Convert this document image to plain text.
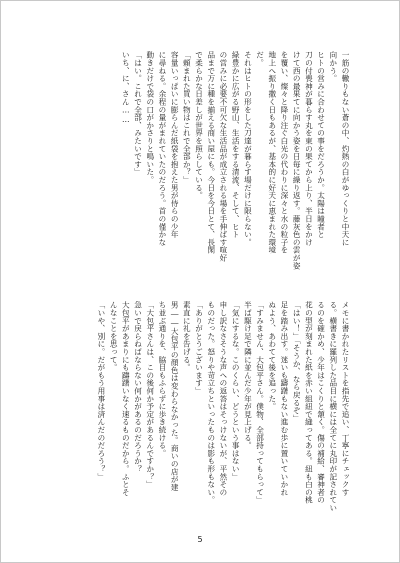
一筋の轍りもない蒼の中、灼熱の白がゆっくりと中天に
向かう。
ヒトの営みに合わせての事をだろうか。太陽は瞳者と
刀の付喪神が暮らす丸を東の果てから上り、半日をかけ
けて西の最果てに向かう姿を日毎に繰り返す。藤灰色の雲が姿
を覆い、燦々と降り注ぐ白光の代わりに深々と水の粒子を
地上へ振り撒く日もあるが、基本的に好天に恵まれた環境
だ。
それはヒトの形をした刀達が暮らす場だけに限らない。
緑豊かに広がる野山、生活をする清流、そして、ヒト
の営みに必要不可欠な生活品が成立される場を手伸ばす喧好
品まで万に種を揃える商い屋にも。今日を今日とて、長閑
で柔らかな日差しが世界を照らしている。
「頼まれた買い物はこれで全部か？」
容量いっぱいに膨らんだ紙袋を抱えた男が侍らの少年
に尋ねる。余程の量がまれていたのだろう。首の僅かな
動きだけで袋の口がかさりと鳴いた。
「はい。これで全部、みたいです」
いち、に、さん……
メモに書かれたリストを指先で追い、丁寧にチェックす
る。横書きに羅列した品目に横には全てに丸印が記されてい
るのを確かめ、少年はこくりと頷く。傷の補給、審神者の
花の型が刻まれた紙を赤い組紐で縫ってある。紐も白の桃
「はい！」「そうか、なら戻るぞ」
足を踏み出す。迷いも躊躇もない進む歩に置いていかれ
ぬよう、あわてて後を追った。
「すみません、大包平さん。僕物、全部持ってもらって」
半ば駆け足で隣に並んだ少年が見上げる。
「気にするな。このくらい、どうという事はない」
申し訳なさそうな声への返答はそっけないが、平然その
ものだった。怒りや苛立ちといったものは影も形もない。
「ありがとうございます」
素直に礼を告げる。
男――大包平の顔色は変わらなかった。商いの店が建
ち並ぶ通りを、脇目もふらずに歩き続ける。
「大包平さんは、この後何か予定があるんですか？」
急いで戻らねばならない何かがあるのだろうか？
大包平があまりにも躊躇いなく速るものだから。ふとそ
んなことを思って。
「いや、別に。だがもう用事は済んだのだろう？」
5
